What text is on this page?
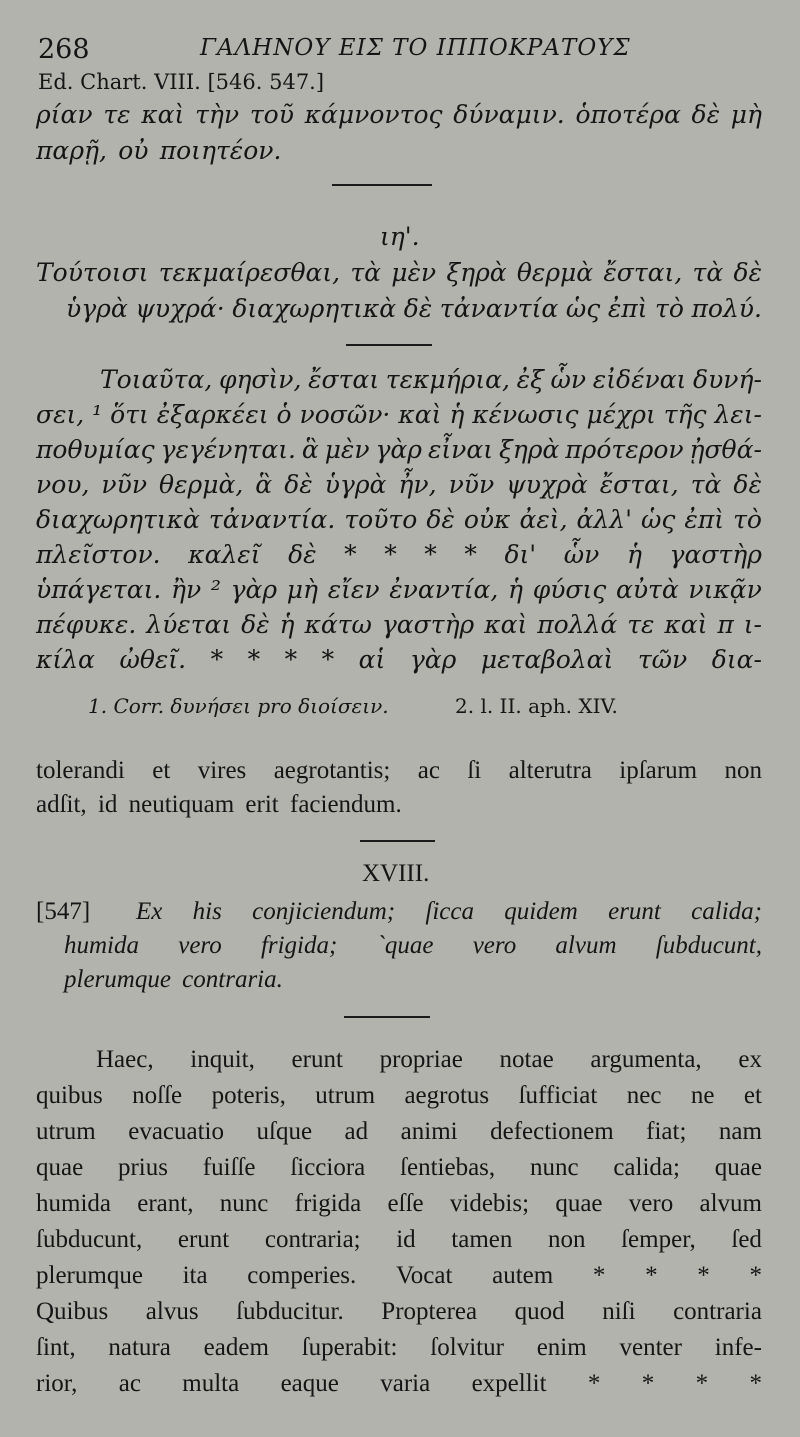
268	ΓΑΛΗΝΟΥ ΕΙΣ ΤΟ ΙΠΠΟΚΡΑΤΟΥΣ
Ed. Chart. VIII. [546. 547.]
ρίαν τε καὶ τὴν τοῦ κάμνοντος δύναμιν. ὁποτέρα δὲ μὴ
παρῇ, οὐ ποιητέον.
ιη'.
Τούτοισι τεκμαίρεσθαι, τὰ μὲν ξηρὰ θερμὰ ἔσται, τὰ δὲ
ὑγρὰ ψυχρά· διαχωρητικὰ δὲ τἀναντία ὡς ἐπὶ τὸ πολύ.
Τοιαῦτα, φησὶν, ἔσται τεκμήρια, ἐξ ὧν εἰδέναι δυνή-
σει, ¹ ὅτι ἐξαρκέει ὁ νοσῶν· καὶ ἡ κένωσις μέχρι τῆς λει-
ποθυμίας γεγένηται. ἃ μὲν γὰρ εἶναι ξηρὰ πρότερον ᾐσθά-
νου, νῦν θερμὰ, ἃ δὲ ὑγρὰ ἦν, νῦν ψυχρὰ ἔσται, τὰ δὲ
διαχωρητικὰ τἀναντία. τοῦτο δὲ οὐκ ἀεὶ, ἀλλ' ὡς ἐπὶ τὸ
πλεῖστον. καλεῖ δὲ * * * * δι' ὧν ἡ γαστὴρ
ὑπάγεται. ἢν ² γὰρ μὴ εἴεν ἐναντία, ἡ φύσις αὐτὰ νικᾷν
πέφυκε. λύεται δὲ ἡ κάτω γαστὴρ καὶ πολλά τε καὶ π ι-
κίλα ὠθεῖ. * * * * αἱ γὰρ μεταβολαὶ τῶν δια-
1. Corr. δυνήσει pro διοίσειν.	2. l. II. aph. XIV.
tolerandi et vires aegrotantis; ac ſi alterutra ipſarum non
adſit, id neutiquam erit faciendum.
XVIII.
[547] Ex his conjiciendum; ſicca quidem erunt calida;
humida vero frigida; `quae vero alvum ſubducunt,
plerumque contraria.
Haec, inquit, erunt propriae notae argumenta, ex
quibus noſſe poteris, utrum aegrotus ſufficiat nec ne et
utrum evacuatio uſque ad animi defectionem fiat; nam
quae prius fuiſſe ſicciora ſentiebas, nunc calida; quae
humida erant, nunc frigida eſſe videbis; quae vero alvum
ſubducunt, erunt contraria; id tamen non ſemper, ſed
plerumque ita comperies. Vocat autem * * * *
Quibus alvus ſubducitur. Propterea quod niſi contraria
ſint, natura eadem ſuperabit: ſolvitur enim venter infe-
rior, ac multa eaque varia expellit * * * *
